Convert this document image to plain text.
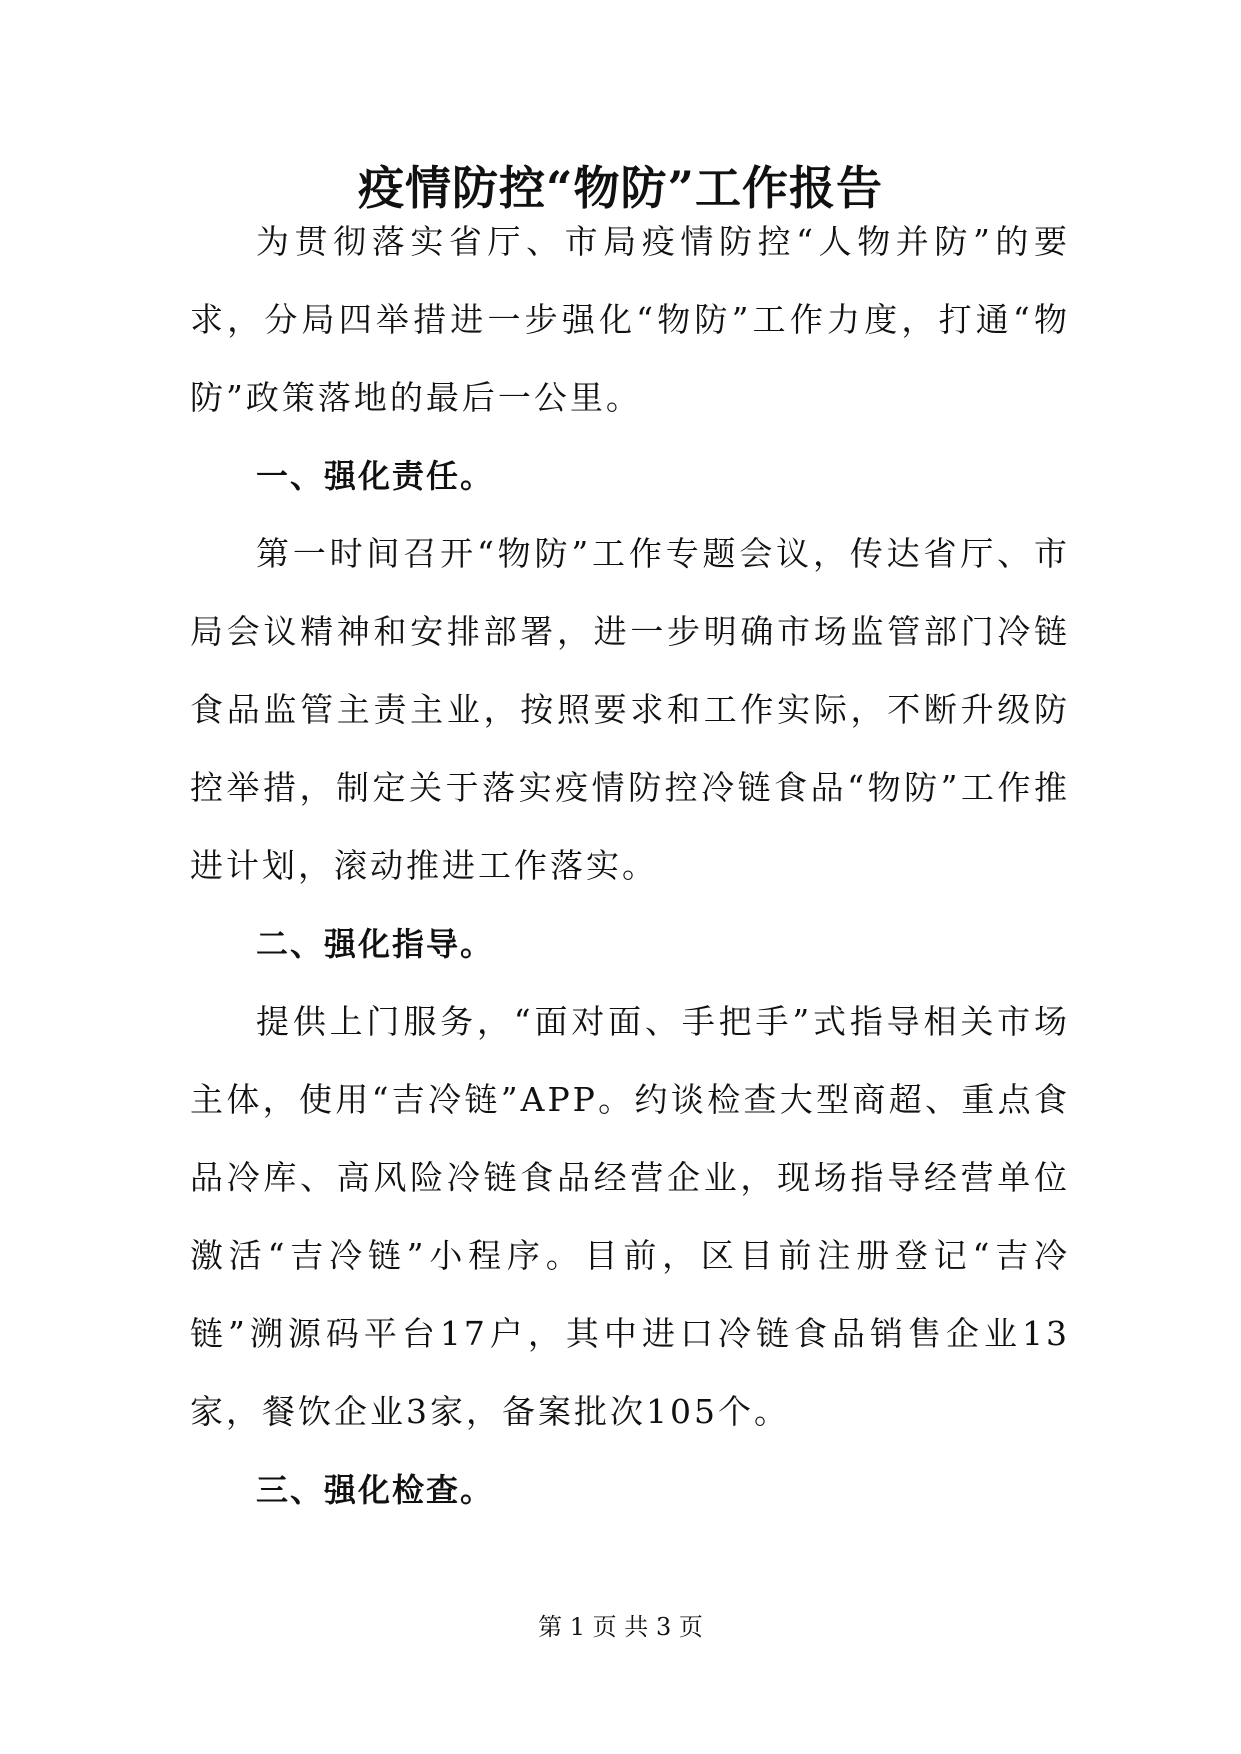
疫情防控“物防”工作报告

为贯彻落实省厅、市局疫情防控“人物并防”的要求，分局四举措进一步强化“物防”工作力度，打通“物防”政策落地的最后一公里。

一、强化责任。

第一时间召开“物防”工作专题会议，传达省厅、市局会议精神和安排部署，进一步明确市场监管部门冷链食品监管主责主业，按照要求和工作实际，不断升级防控举措，制定关于落实疫情防控冷链食品“物防”工作推进计划，滚动推进工作落实。

二、强化指导。

提供上门服务，“面对面、手把手”式指导相关市场主体，使用“吉冷链”APP。约谈检查大型商超、重点食品冷库、高风险冷链食品经营企业，现场指导经营单位激活“吉冷链”小程序。目前，区目前注册登记“吉冷链”溯源码平台17户，其中进口冷链食品销售企业13家，餐饮企业3家，备案批次105个。

三、强化检查。

第 1 页 共 3 页
